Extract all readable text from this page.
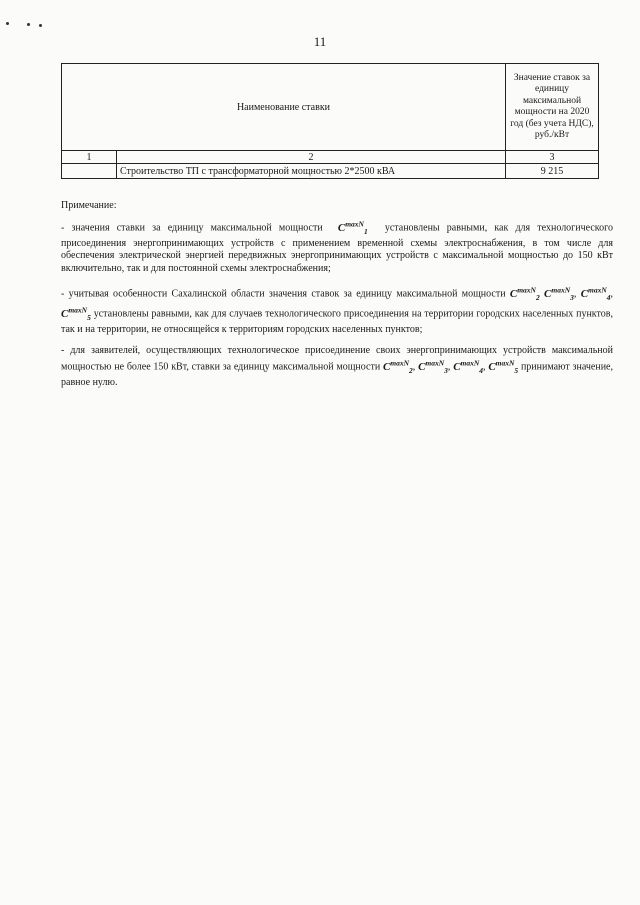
11
Наименование ставки		Значение ставок за единицу максимальной мощности на 2020 год (без учета НДС), руб./кВт
1	2	3
	Строительство ТП с трансформаторной мощностью 2*2500 кВА	9 215

Примечание:

- значения ставки за единицу максимальной мощности $C^{maxN}_1$ установлены равными, как для технологического присоединения энергопринимающих устройств с применением временной схемы электроснабжения, в том числе для обеспечения электрической энергией передвижных энергопринимающих устройств с максимальной мощностью до 150 кВт включительно, так и для постоянной схемы электроснабжения;

- учитывая особенности Сахалинской области значения ставок за единицу максимальной мощности $C^{maxN}_2$ $C^{maxN}_3$, $C^{maxN}_4$, $C^{maxN}_5$ установлены равными, как для случаев технологического присоединения на территории городских населенных пунктов, так и на территории, не относящейся к территориям городских населенных пунктов;

- для заявителей, осуществляющих технологическое присоединение своих энергопринимающих устройств максимальной мощностью не более 150 кВт, ставки за единицу максимальной мощности $C^{maxN}_2$, $C^{maxN}_3$, $C^{maxN}_4$, $C^{maxN}_5$ принимают значение, равное нулю.
